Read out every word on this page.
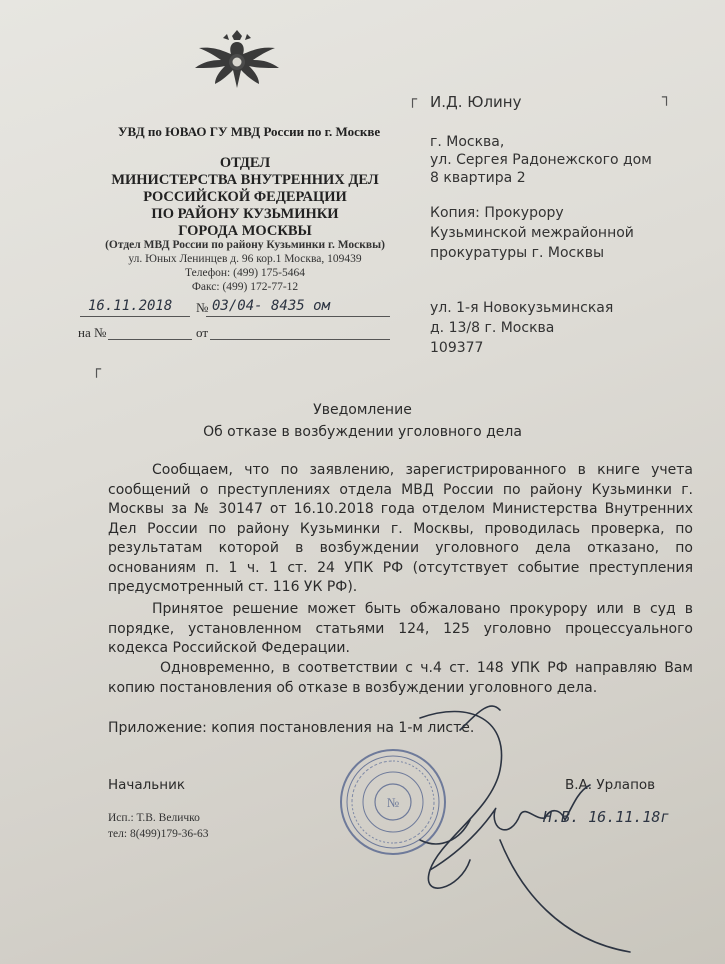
УВД по ЮВАО ГУ МВД России по г. Москве
ОТДЕЛ
МИНИСТЕРСТВА ВНУТРЕННИХ ДЕЛ
РОССИЙСКОЙ ФЕДЕРАЦИИ
ПО РАЙОНУ КУЗЬМИНКИ
ГОРОДА МОСКВЫ
(Отдел МВД России по району Кузьминки г. Москвы)
ул. Юных Ленинцев д. 96 кор.1 Москва, 109439
Телефон: (499) 175-5464
Факс: (499) 172-77-12
16.11.2018 № 03/04- 8435 ом
на №	от
┌	┐
┌
И.Д. Юлину
г. Москва,
ул. Сергея Радонежского дом
8 квартира 2
Копия: Прокурору
Кузьминской межрайонной
прокуратуры г. Москвы
ул. 1-я Новокузьминская
д. 13/8 г. Москва
109377
Уведомление
Об отказе в возбуждении уголовного дела
Сообщаем, что по заявлению, зарегистрированного в книге учета сообщений о преступлениях отдела МВД России по району Кузьминки г. Москвы за № 30147 от 16.10.2018 года отделом Министерства Внутренних Дел России по району Кузьминки г. Москвы, проводилась проверка, по результатам которой в возбуждении уголовного дела отказано, по основаниям п. 1 ч. 1 ст. 24 УПК РФ (отсутствует событие преступления предусмотренный ст. 116 УК РФ).
Принятое решение может быть обжаловано прокурору или в суд в порядке, установленном статьями 124, 125 уголовно процессуального кодекса Российской Федерации.
Одновременно, в соответствии с ч.4 ст. 148 УПК РФ направляю Вам копию постановления об отказе в возбуждении уголовного дела.
Приложение: копия постановления на 1-м листе.
Начальник	В.А. Урлапов
Исп.: Т.В. Величко
тел: 8(499)179-36-63
№
Н.В. 16.11.18г
